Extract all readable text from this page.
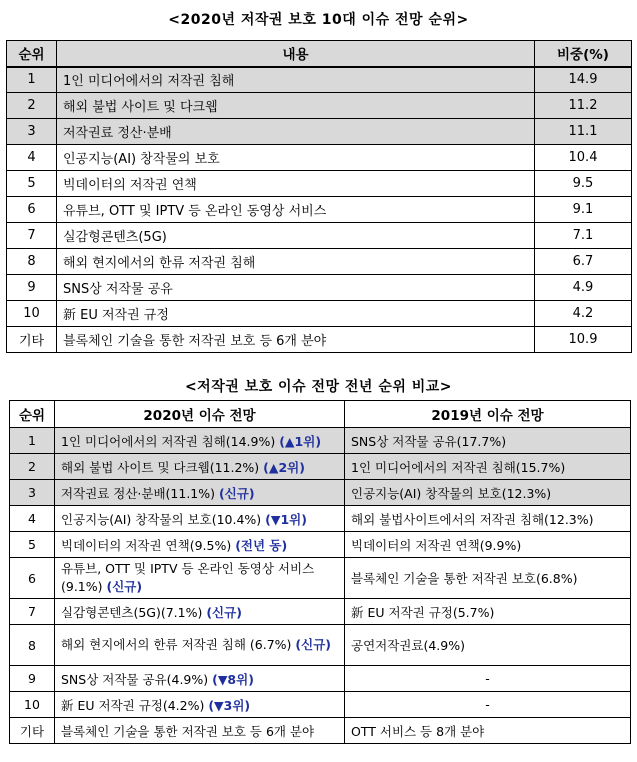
<2020년 저작권 보호 10대 이슈 전망 순위>
순위	내용	비중(%)
1	1인 미디어에서의 저작권 침해	14.9
2	해외 불법 사이트 및 다크웹	11.2
3	저작권료 정산·분배	11.1
4	인공지능(AI) 창작물의 보호	10.4
5	빅데이터의 저작권 연책	9.5
6	유튜브, OTT 및 IPTV 등 온라인 동영상 서비스	9.1
7	실감형콘텐츠(5G)	7.1
8	해외 현지에서의 한류 저작권 침해	6.7
9	SNS상 저작물 공유	4.9
10	新 EU 저작권 규정	4.2
기타	블록체인 기술을 통한 저작권 보호 등 6개 분야	10.9
<저작권 보호 이슈 전망 전년 순위 비교>
순위	2020년 이슈 전망	2019년 이슈 전망
1	1인 미디어에서의 저작권 침해(14.9%) (▲1위)	SNS상 저작물 공유(17.7%)
2	해외 불법 사이트 및 다크웹(11.2%) (▲2위)	1인 미디어에서의 저작권 침해(15.7%)
3	저작권료 정산·분배(11.1%) (신규)	인공지능(AI) 창작물의 보호(12.3%)
4	인공지능(AI) 창작물의 보호(10.4%) (▼1위)	해외 불법사이트에서의 저작권 침해(12.3%)
5	빅데이터의 저작권 연책(9.5%) (전년 동)	빅데이터의 저작권 연책(9.9%)
6	유튜브, OTT 및 IPTV 등 온라인 동영상 서비스(9.1%) (신규)	블록체인 기술을 통한 저작권 보호(6.8%)
7	실감형콘텐츠(5G)(7.1%) (신규)	新 EU 저작권 규정(5.7%)
8	해외 현지에서의 한류 저작권 침해 (6.7%) (신규)	공연저작권료(4.9%)
9	SNS상 저작물 공유(4.9%) (▼8위)	-
10	新 EU 저작권 규정(4.2%) (▼3위)	-
기타	블록체인 기술을 통한 저작권 보호 등 6개 분야	OTT 서비스 등 8개 분야
